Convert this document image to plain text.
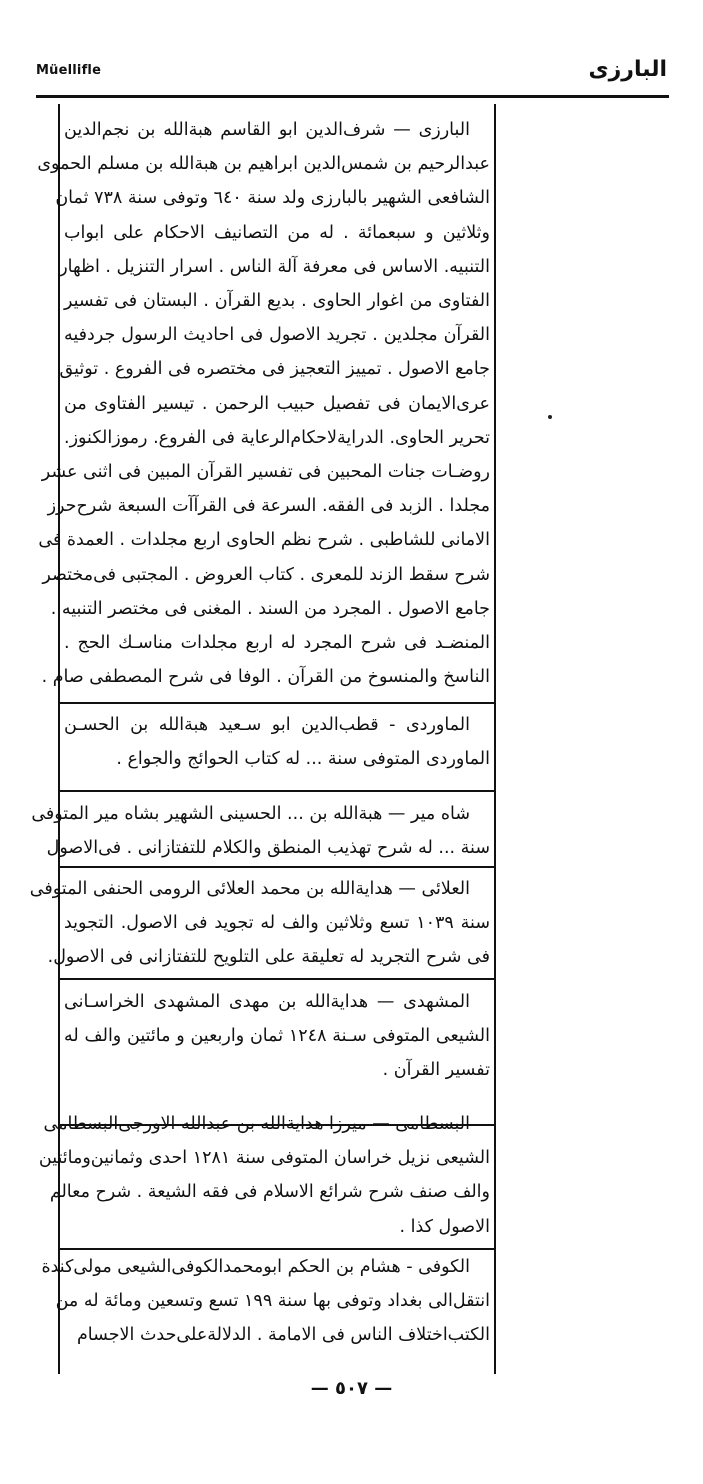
Müellifle	البارزى
البارزى — شرف‌الدين ابو القاسم هبة‌الله بن نجم‌الدين
عبدالرحيم بن شمس‌الدين ابراهيم بن هبة‌الله بن مسلم الحموى
الشافعى الشهير بالبارزى ولد سنة ٦٤٠ وتوفى سنة ٧٣٨ ثمان
وثلاثين و سبعمائة . له من التصانيف الاحكام على ابواب
التنبيه. الاساس فى معرفة آلة الناس . اسرار التنزيل . اظهار
الفتاوى من اغوار الحاوى . بديع القرآن . البستان فى تفسير
القرآن مجلدين . تجريد الاصول فى احاديث الرسول جردفيه
جامع الاصول . تمييز التعجيز فى مختصره فى الفروع . توثيق
عرى‌الايمان فى تفصيل حبيب الرحمن . تيسير الفتاوى من
تحرير الحاوى. الدراية‌لاحكام‌الرعاية فى الفروع. رموزالكنوز.
روضـات جنات المحبين فى تفسير القرآن المبين فى اثنى عشر
مجلدا . الزبد فى الفقه. السرعة فى القرآآت السبعة شرح‌حرز
الامانى للشاطبى . شرح نظم الحاوى اربع مجلدات . العمدة فى
شرح سقط الزند للمعرى . كتاب العروض . المجتبى فى‌مختصر
جامع الاصول . المجرد من السند . المغنى فى مختصر التنبيه .
المنضـد فى شرح المجرد له اربع مجلدات مناسـك الحج .
الناسخ والمنسوخ من القرآن . الوفا فى شرح المصطفى صام .
الماوردى - قطب‌الدين ابو سـعيد هبة‌الله بن الحسـن
الماوردى المتوفى سنة ... له كتاب الحوائج والجواع .
شاه مير — هبة‌الله بن ... الحسينى الشهير بشاه مير المتوفى
سنة ... له شرح تهذيب المنطق والكلام للتفتازانى . فى‌الاصول
العلائى — هداية‌الله بن محمد العلائى الرومى الحنفى المتوفى
سنة ١٠٣٩ تسع وثلاثين والف له تجويد فى الاصول. التجويد
فى شرح التجريد له تعليقة على التلويح للتفتازانى فى الاصول.
المشهدى — هداية‌الله بن مهدى المشهدى الخراسـانى
الشيعى المتوفى سـنة ١٢٤٨ ثمان واربعين و مائتين والف له
تفسير القرآن .
البسطامى — ميرزا هداية‌الله بن عبدالله الاورجى‌البسطامى
الشيعى نزيل خراسان المتوفى سنة ١٢٨١ احدى وثمانين‌ومائتين
والف صنف شرح شرائع الاسلام فى فقه الشيعة . شرح معالم
الاصول كذا .
الكوفى - هشام بن الحكم ابومحمدالكوفى‌الشيعى مولى‌كندة
انتقل‌الى بغداد وتوفى بها سنة ١٩٩ تسع وتسعين ومائة له من
الكتب‌اختلاف الناس فى الامامة . الدلالة‌على‌حدث الاجسام
— ٥٠٧ —
